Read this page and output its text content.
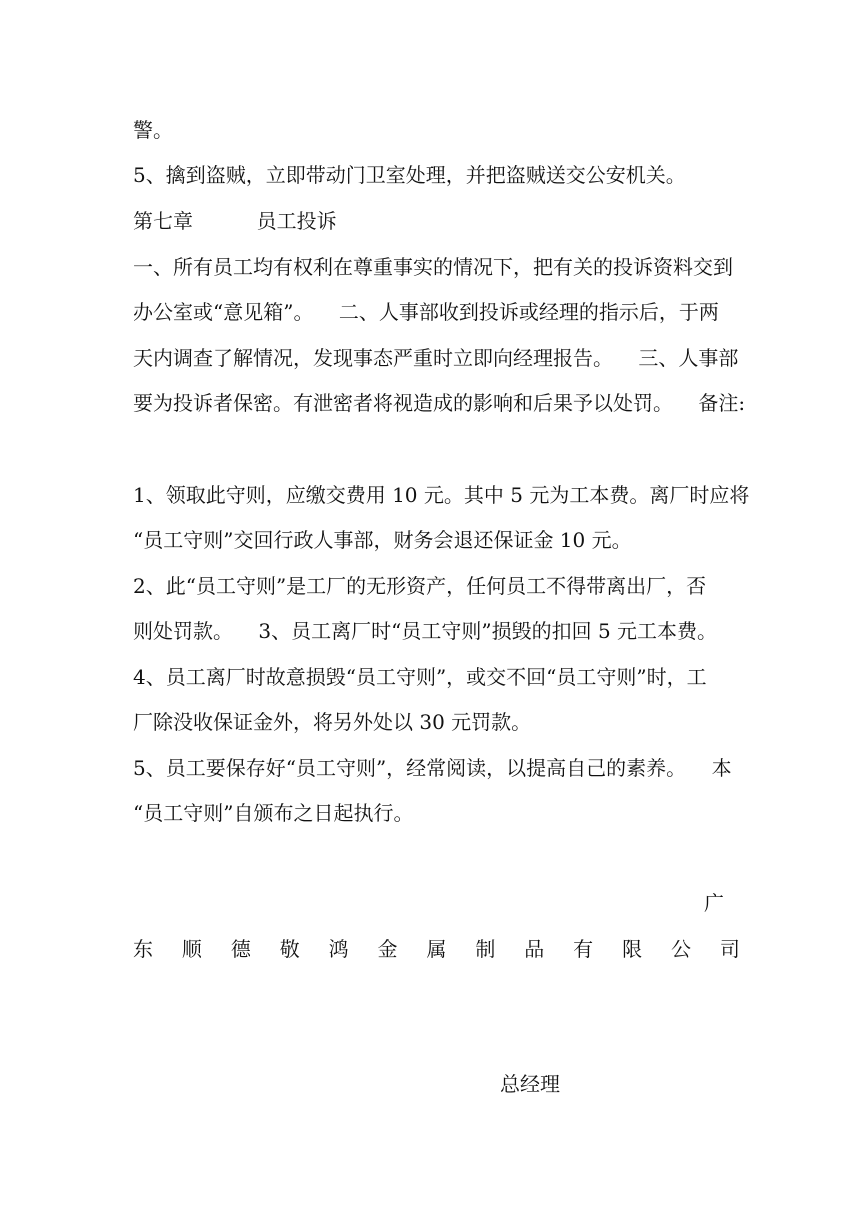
警。
5、擒到盗贼，立即带动门卫室处理，并把盗贼送交公安机关。
第七章          员工投诉
一、所有员工均有权利在尊重事实的情况下，把有关的投诉资料交到
办公室或“意见箱”。    二、人事部收到投诉或经理的指示后，于两
天内调查了解情况，发现事态严重时立即向经理报告。    三、人事部
要为投诉者保密。有泄密者将视造成的影响和后果予以处罚。    备注:
1、领取此守则，应缴交费用 10 元。其中 5 元为工本费。离厂时应将
“员工守则”交回行政人事部，财务会退还保证金 10 元。
2、此“员工守则”是工厂的无形资产，任何员工不得带离出厂，否
则处罚款。    3、员工离厂时“员工守则”损毁的扣回 5 元工本费。
4、员工离厂时故意损毁“员工守则”，或交不回“员工守则”时，工
厂除没收保证金外，将另外处以 30 元罚款。
5、员工要保存好“员工守则”，经常阅读，以提高自己的素养。    本
“员工守则”自颁布之日起执行。
广
东 顺 德 敬 鸿 金 属 制 品 有 限 公 司
总经理
